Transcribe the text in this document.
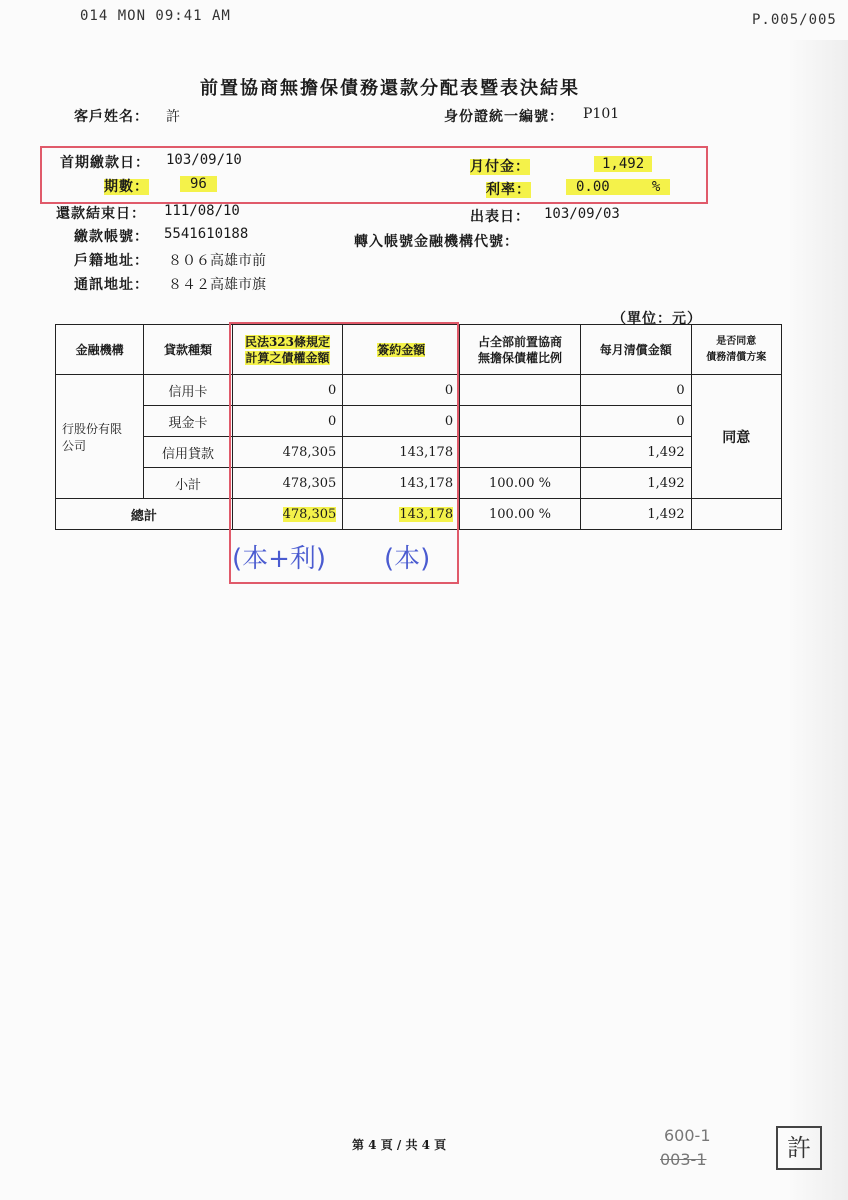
014 MON 09:41 AM	P.005/005
前置協商無擔保債務還款分配表暨表決結果
客戶姓名： 許	身份證統一編號： P101
首期繳款日： 103/09/10
期數：	96
月付金：	1,492
利率：	0.00	%
還款結束日： 111/08/10	出表日： 103/09/03
繳款帳號： 5541610188	轉入帳號金融機構代號：
戶籍地址： ８０６高雄市前
通訊地址： ８４２高雄市旗
（單位：元）
金融機構	貸款種類	民法323條規定
計算之債權金額	簽約金額	占全部前置協商
無擔保債權比例	每月清償金額	是否同意
債務清償方案
行股份有限
公司	信用卡	0	0		0	同意
	現金卡	0	0		0	
	信用貸款	478,305	143,178		1,492	
	小計	478,305	143,178	100.00 %	1,492	
總計		478,305	143,178	100.00 %	1,492	
(本+利) (本)
第 4 頁 / 共 4 頁	600-1
003-1	許
